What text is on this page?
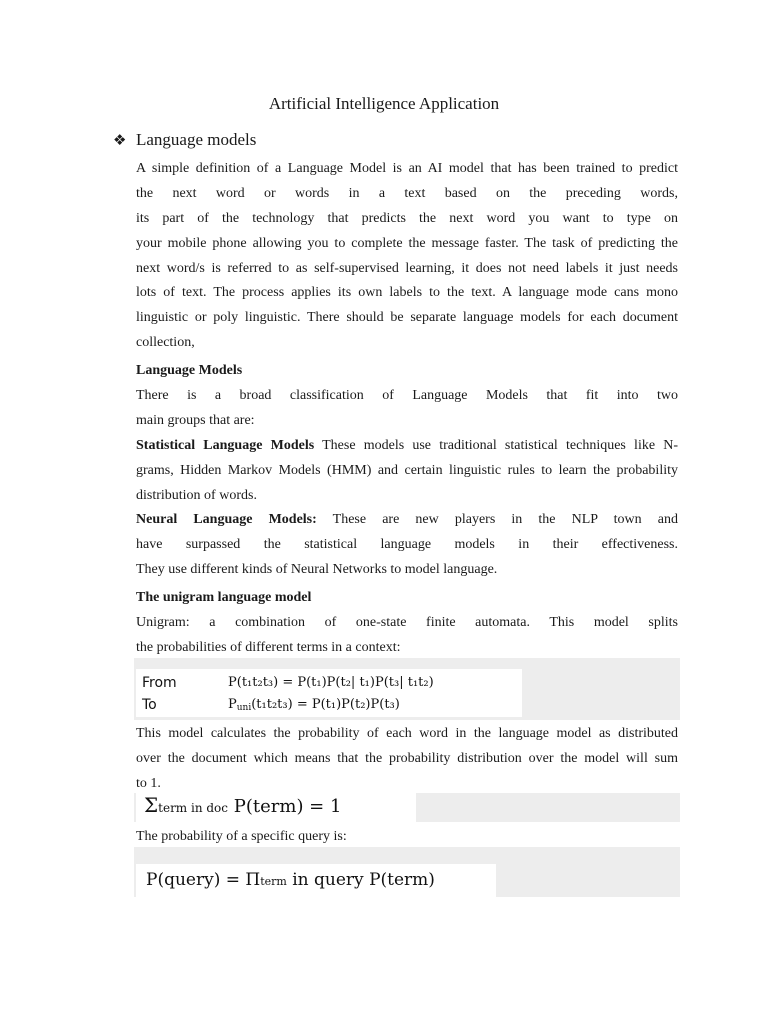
Artificial Intelligence Application
❖ Language models
A simple definition of a Language Model is an AI model that has been trained to predict
the next word or words in a text based on the preceding words,
its part of the technology that predicts the next word you want to type on
your mobile phone allowing you to complete the message faster. The task of predicting the
next word/s is referred to as self-supervised learning, it does not need labels it just needs
lots of text. The process applies its own labels to the text. A language mode cans mono
linguistic or poly linguistic. There should be separate language models for each document
collection,
Language Models
There is a broad classification of Language Models that fit into two
main groups that are:
Statistical Language Models These models use traditional statistical techniques like N-
grams, Hidden Markov Models (HMM) and certain linguistic rules to learn the probability
distribution of words.
Neural Language Models: These are new players in the NLP town and
have surpassed the statistical language models in their effectiveness.
They use different kinds of Neural Networks to model language.
The unigram language model
Unigram: a combination of one-state finite automata. This model splits
the probabilities of different terms in a context:
From	P(t₁t₂t₃) = P(t₁)P(t₂| t₁)P(t₃| t₁t₂)
To	$P_{uni}(t_1t_2t_3) = P(t_1)P(t_2)P(t_3)$
This model calculates the probability of each word in the language model as distributed
over the document which means that the probability distribution over the model will sum
to 1.
Σterm in doc P(term) = 1
The probability of a specific query is:
P(query) = Πterm in query P(term)
